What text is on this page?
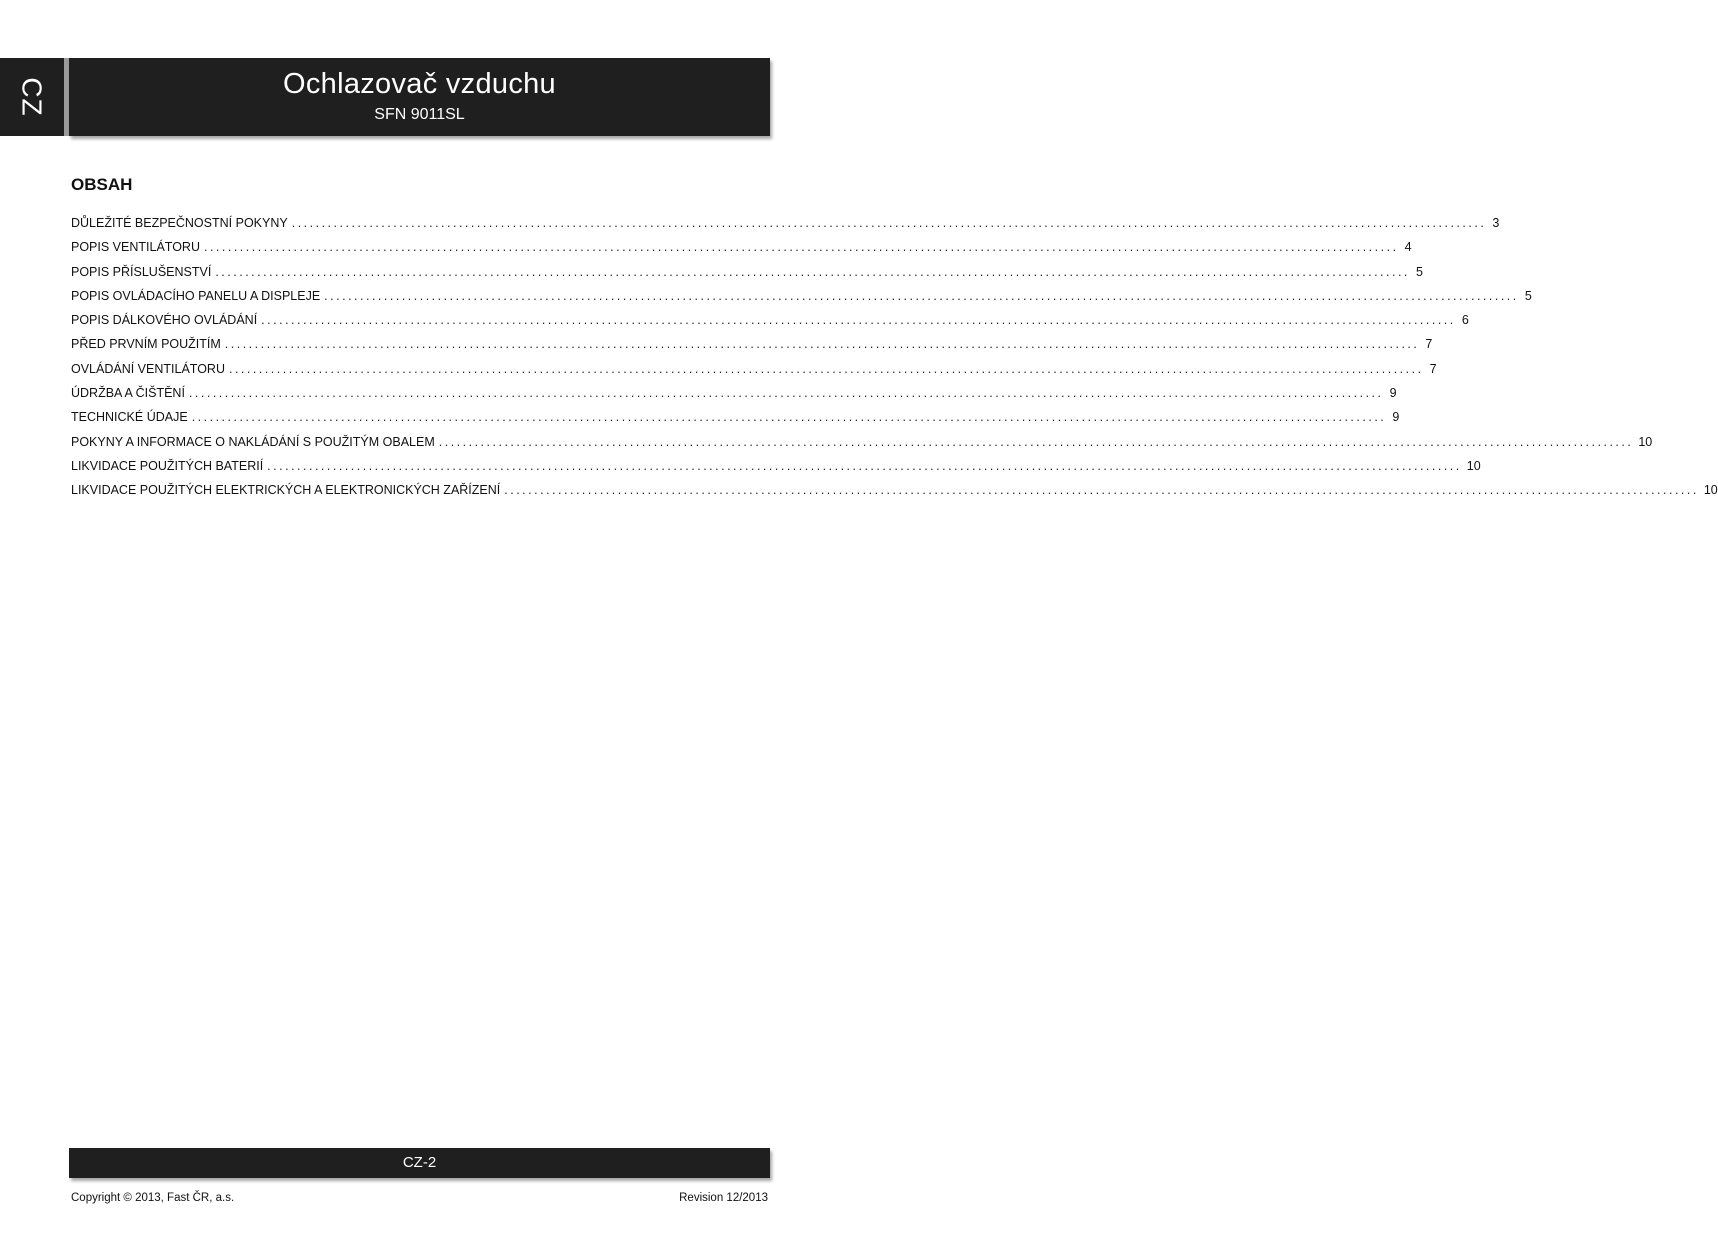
CZ	Ochlazovač vzduchu
SFN 9011SL
OBSAH
DŮLEŽITÉ BEZPEČNOSTNÍ POKYNY ........................................................................................................................................................................................................ 3
POPIS VENTILÁTORU ........................................................................................................................................................................................................ 4
POPIS PŘÍSLUŠENSTVÍ ........................................................................................................................................................................................................ 5
POPIS OVLÁDACÍHO PANELU A DISPLEJE ........................................................................................................................................................................................................ 5
POPIS DÁLKOVÉHO OVLÁDÁNÍ ........................................................................................................................................................................................................ 6
PŘED PRVNÍM POUŽITÍM ........................................................................................................................................................................................................ 7
OVLÁDÁNÍ VENTILÁTORU ........................................................................................................................................................................................................ 7
ÚDRŽBA A ČIŠTĚNÍ ........................................................................................................................................................................................................ 9
TECHNICKÉ ÚDAJE ........................................................................................................................................................................................................ 9
POKYNY A INFORMACE O NAKLÁDÁNÍ S POUŽITÝM OBALEM ........................................................................................................................................................................................................ 10
LIKVIDACE POUŽITÝCH BATERIÍ ........................................................................................................................................................................................................ 10
LIKVIDACE POUŽITÝCH ELEKTRICKÝCH A ELEKTRONICKÝCH ZAŘÍZENÍ ........................................................................................................................................................................................................ 10
CZ-2
Copyright © 2013, Fast ČR, a.s.	Revision 12/2013
